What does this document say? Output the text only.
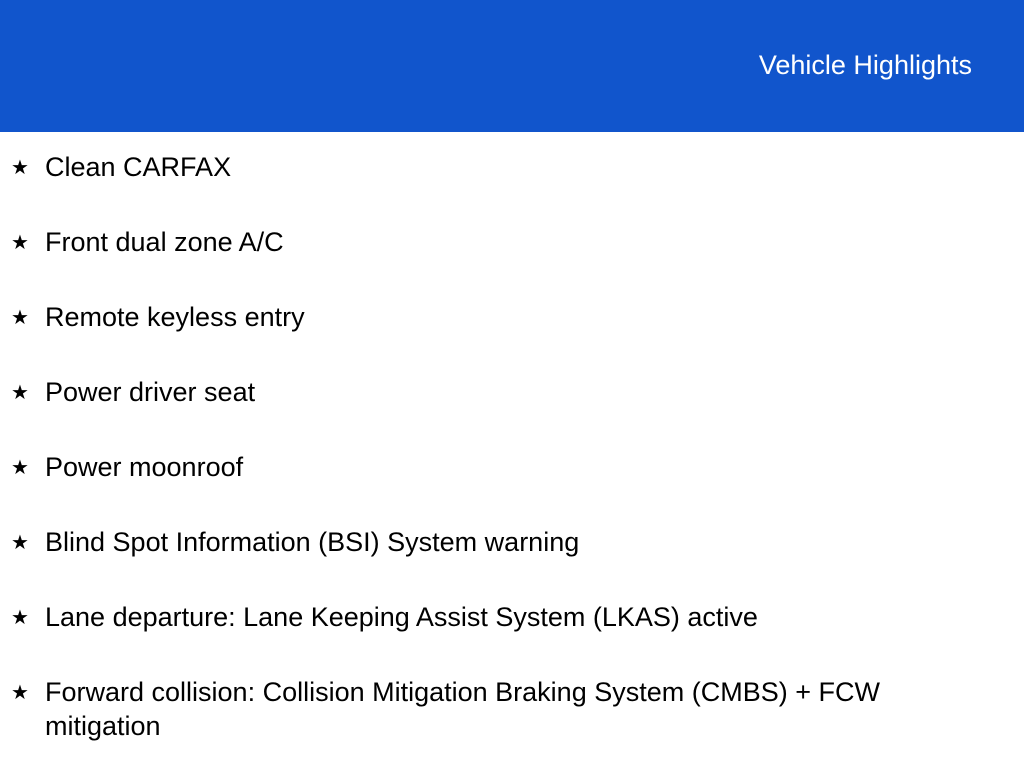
Vehicle Highlights
★ Clean CARFAX
★ Front dual zone A/C
★ Remote keyless entry
★ Power driver seat
★ Power moonroof
★ Blind Spot Information (BSI) System warning
★ Lane departure: Lane Keeping Assist System (LKAS) active
★ Forward collision: Collision Mitigation Braking System (CMBS) + FCW mitigation
